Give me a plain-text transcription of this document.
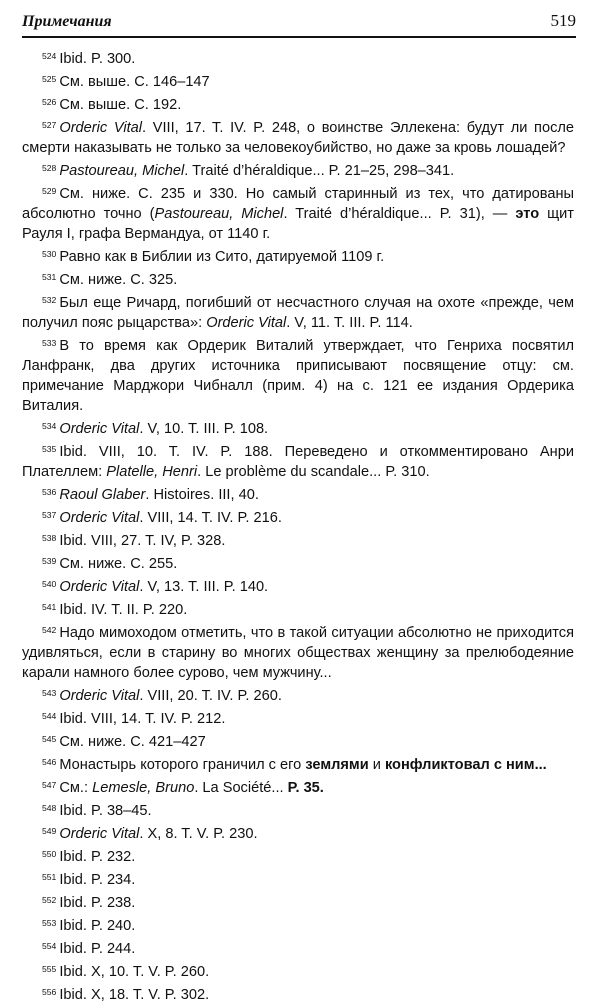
Примечания	519

$^{524}$ Ibid. P. 300.

$^{525}$ См. выше. С. 146–147

$^{526}$ См. выше. С. 192.

$^{527}$ Orderic Vital. VIII, 17. T. IV. P. 248, о воинстве Эллекена: будут ли после смерти наказывать не только за человекоубийство, но даже за кровь лошадей?

$^{528}$ Pastoureau, Michel. Traité d’héraldique... P. 21–25, 298–341.

$^{529}$ См. ниже. С. 235 и 330. Но самый старинный из тех, что датированы абсолютно точно (Pastoureau, Michel. Traité d’héraldique... P. 31), — это щит Рауля I, графа Вермандуа, от 1140 г.

$^{530}$ Равно как в Библии из Сито, датируемой 1109 г.

$^{531}$ См. ниже. С. 325.

$^{532}$ Был еще Ричард, погибший от несчастного случая на охоте «прежде, чем получил пояс рыцарства»: Orderic Vital. V, 11. T. III. P. 114.

$^{533}$ В то время как Ордерик Виталий утверждает, что Генриха посвятил Ланфранк, два других источника приписывают посвящение отцу: см. примечание Марджори Чибналл (прим. 4) на с. 121 ее издания Ордерика Виталия.

$^{534}$ Orderic Vital. V, 10. T. III. P. 108.

$^{535}$ Ibid. VIII, 10. T. IV. P. 188. Переведено и откомментировано Анри Плателлем: Platelle, Henri. Le problème du scandale... P. 310.

$^{536}$ Raoul Glaber. Histoires. III, 40.

$^{537}$ Orderic Vital. VIII, 14. T. IV. P. 216.

$^{538}$ Ibid. VIII, 27. T. IV, P. 328.

$^{539}$ См. ниже. С. 255.

$^{540}$ Orderic Vital. V, 13. T. III. P. 140.

$^{541}$ Ibid. IV. T. II. P. 220.

$^{542}$ Надо мимоходом отметить, что в такой ситуации абсолютно не приходится удивляться, если в старину во многих обществах женщину за прелюбодеяние карали намного более сурово, чем мужчину...

$^{543}$ Orderic Vital. VIII, 20. T. IV. P. 260.

$^{544}$ Ibid. VIII, 14. T. IV. P. 212.

$^{545}$ См. ниже. С. 421–427

$^{546}$ Монастырь которого граничил с его землями и конфликтовал с ним...

$^{547}$ См.: Lemesle, Bruno. La Société... P. 35.

$^{548}$ Ibid. P. 38–45.

$^{549}$ Orderic Vital. X, 8. T. V. P. 230.

$^{550}$ Ibid. P. 232.

$^{551}$ Ibid. P. 234.

$^{552}$ Ibid. P. 238.

$^{553}$ Ibid. P. 240.

$^{554}$ Ibid. P. 244.

$^{555}$ Ibid. X, 10. T. V. P. 260.

$^{556}$ Ibid. X, 18. T. V. P. 302.
